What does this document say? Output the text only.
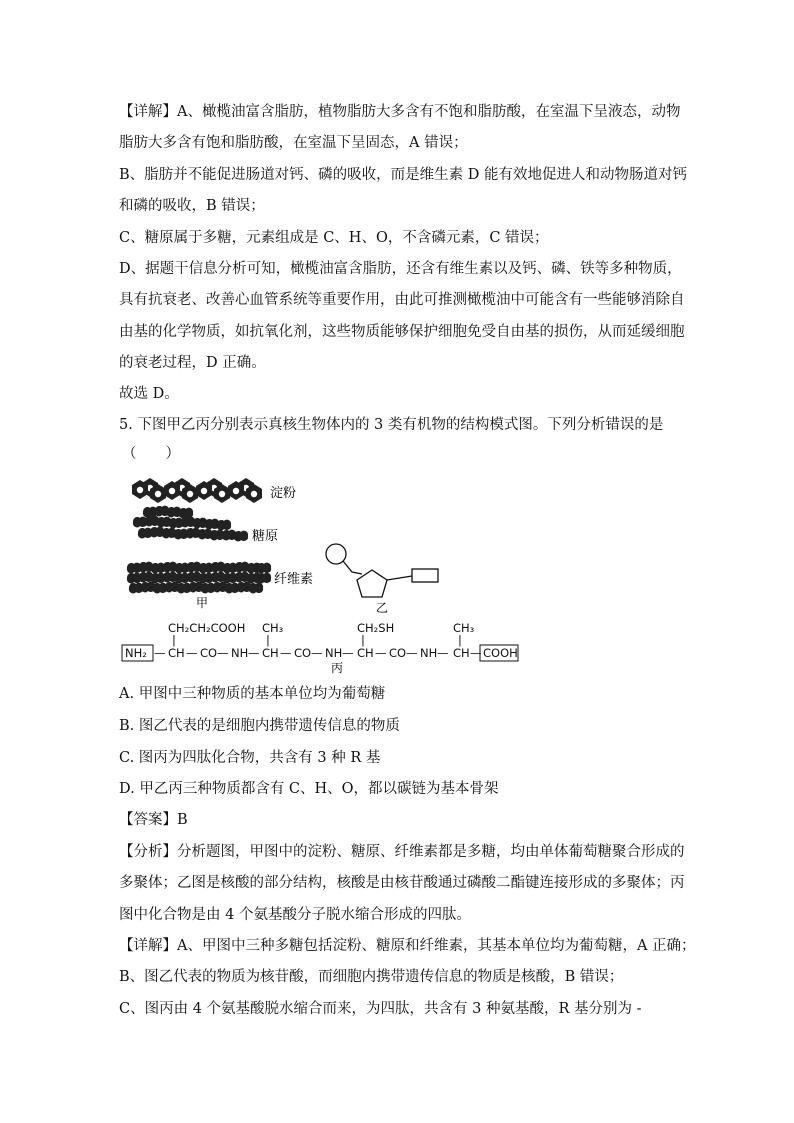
【详解】A、橄榄油富含脂肪，植物脂肪大多含有不饱和脂肪酸，在室温下呈液态，动物
脂肪大多含有饱和脂肪酸，在室温下呈固态，A 错误；
B、脂肪并不能促进肠道对钙、磷的吸收，而是维生素 D 能有效地促进人和动物肠道对钙
和磷的吸收，B 错误；
C、糖原属于多糖，元素组成是 C、H、O，不含磷元素，C 错误；
D、据题干信息分析可知，橄榄油富含脂肪，还含有维生素以及钙、磷、铁等多种物质，
具有抗衰老、改善心血管系统等重要作用，由此可推测橄榄油中可能含有一些能够消除自
由基的化学物质，如抗氧化剂，这些物质能够保护细胞免受自由基的损伤，从而延缓细胞
的衰老过程，D 正确。
故选 D。
5. 下图甲乙丙分别表示真核生物体内的 3 类有机物的结构模式图。下列分析错误的是
（　　）
淀粉
糖原
纤维素
甲	乙
CH₂CH₂COOH CH₃	CH₂SH	CH₃
|	|	|	|
NH₂ — CH — CO — NH — CH — CO — NH — CH — CO — NH — CH — COOH
丙
A. 甲图中三种物质的基本单位均为葡萄糖
B. 图乙代表的是细胞内携带遗传信息的物质
C. 图丙为四肽化合物，共含有 3 种 R 基
D. 甲乙丙三种物质都含有 C、H、O，都以碳链为基本骨架
【答案】B
【分析】分析题图，甲图中的淀粉、糖原、纤维素都是多糖，均由单体葡萄糖聚合形成的
多聚体；乙图是核酸的部分结构，核酸是由核苷酸通过磷酸二酯键连接形成的多聚体；丙
图中化合物是由 4 个氨基酸分子脱水缩合形成的四肽。
【详解】A、甲图中三种多糖包括淀粉、糖原和纤维素，其基本单位均为葡萄糖，A 正确；
B、图乙代表的物质为核苷酸，而细胞内携带遗传信息的物质是核酸，B 错误；
C、图丙由 4 个氨基酸脱水缩合而来，为四肽，共含有 3 种氨基酸，R 基分别为 -
